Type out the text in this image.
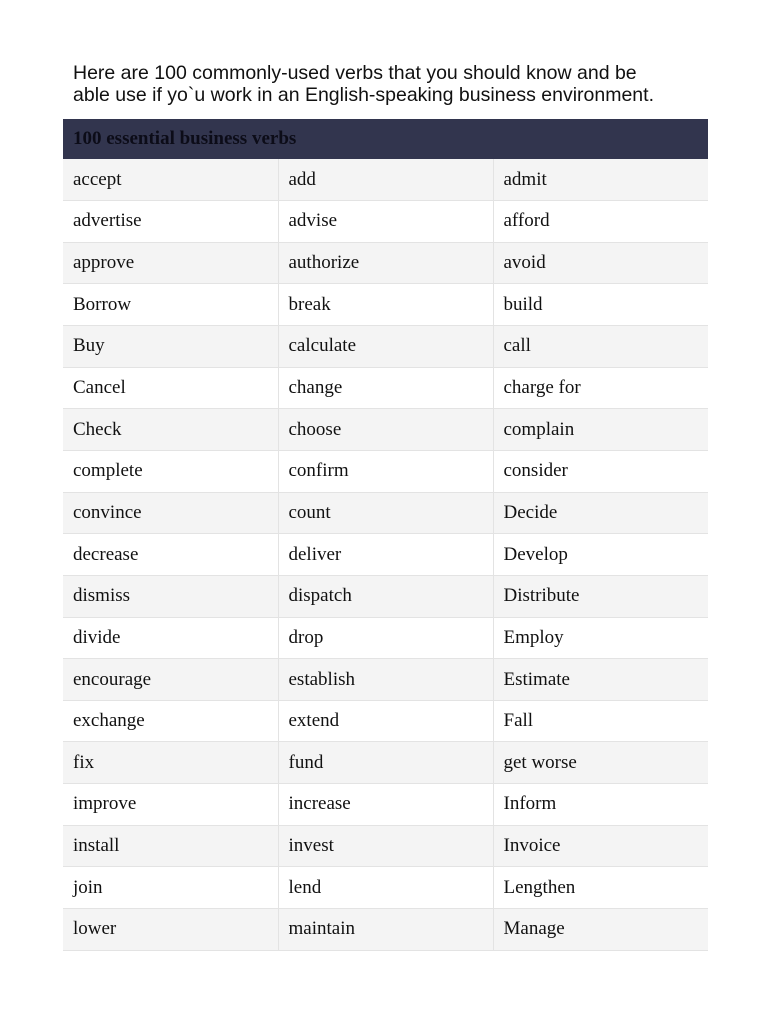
Here are 100 commonly-used verbs that you should know and be
able use if yo`u work in an English-speaking business environment.

100 essential business verbs		
accept	add	admit
advertise	advise	afford
approve	authorize	avoid
Borrow	break	build
Buy	calculate	call
Cancel	change	charge for
Check	choose	complain
complete	confirm	consider
convince	count	Decide
decrease	deliver	Develop
dismiss	dispatch	Distribute
divide	drop	Employ
encourage	establish	Estimate
exchange	extend	Fall
fix	fund	get worse
improve	increase	Inform
install	invest	Invoice
join	lend	Lengthen
lower	maintain	Manage
